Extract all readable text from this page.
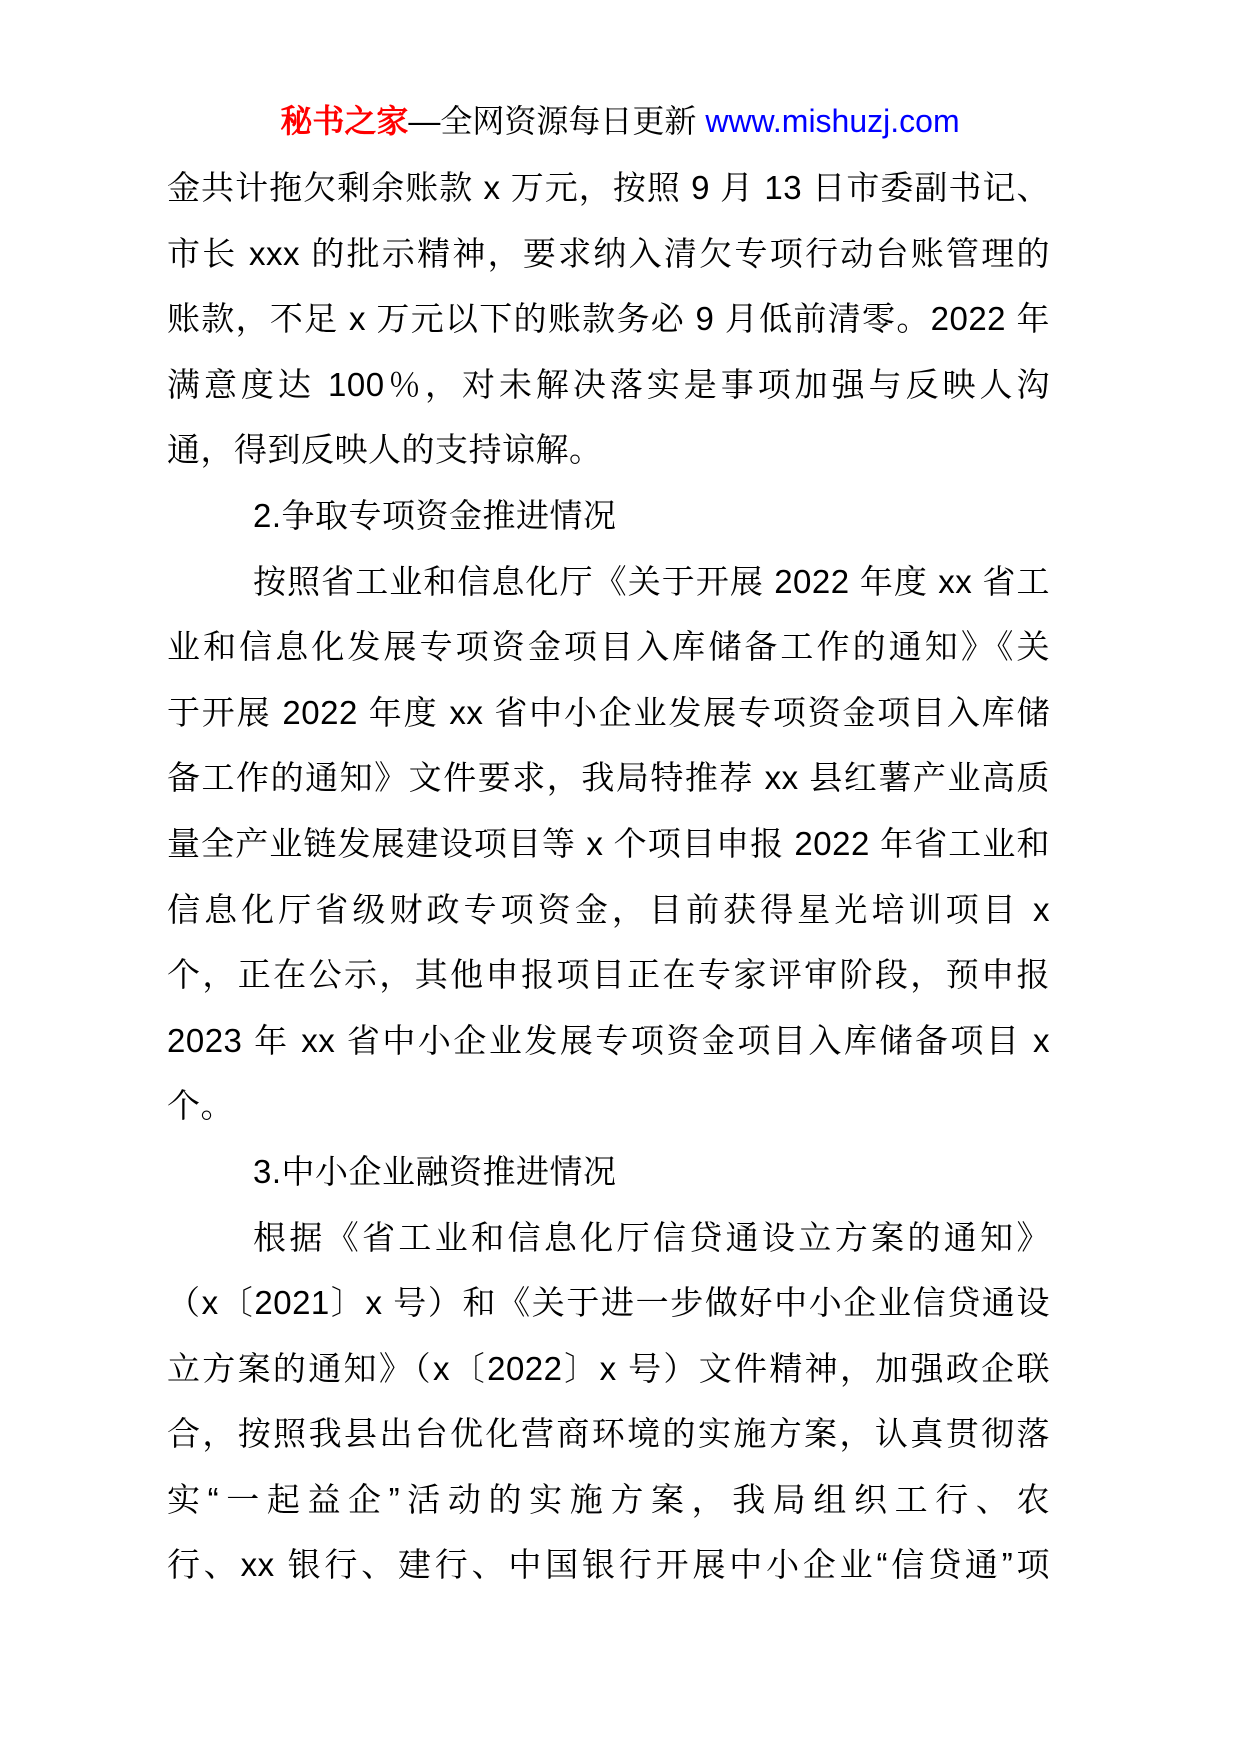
秘书之家—全网资源每日更新 www.mishuzj.com
金共计拖欠剩余账款 x 万元，按照 9 月 13 日市委副书记、
市长 xxx 的批示精神，要求纳入清欠专项行动台账管理的
账款，不足 x 万元以下的账款务必 9 月低前清零。2022 年
满意度达 100％，对未解决落实是事项加强与反映人沟
通，得到反映人的支持谅解。
2.争取专项资金推进情况
按照省工业和信息化厅《关于开展 2022 年度 xx 省工
业和信息化发展专项资金项目入库储备工作的通知》《关
于开展 2022 年度 xx 省中小企业发展专项资金项目入库储
备工作的通知》文件要求，我局特推荐 xx 县红薯产业高质
量全产业链发展建设项目等 x 个项目申报 2022 年省工业和
信息化厅省级财政专项资金，目前获得星光培训项目 x
个，正在公示，其他申报项目正在专家评审阶段，预申报
2023 年 xx 省中小企业发展专项资金项目入库储备项目 x
个。
3.中小企业融资推进情况
根据《省工业和信息化厅信贷通设立方案的通知》
（x〔2021〕x 号）和《关于进一步做好中小企业信贷通设
立方案的通知》（x〔2022〕x 号）文件精神，加强政企联
合，按照我县出台优化营商环境的实施方案，认真贯彻落
实“一起益企”活动的实施方案，我局组织工行、农
行、xx 银行、建行、中国银行开展中小企业“信贷通”项
